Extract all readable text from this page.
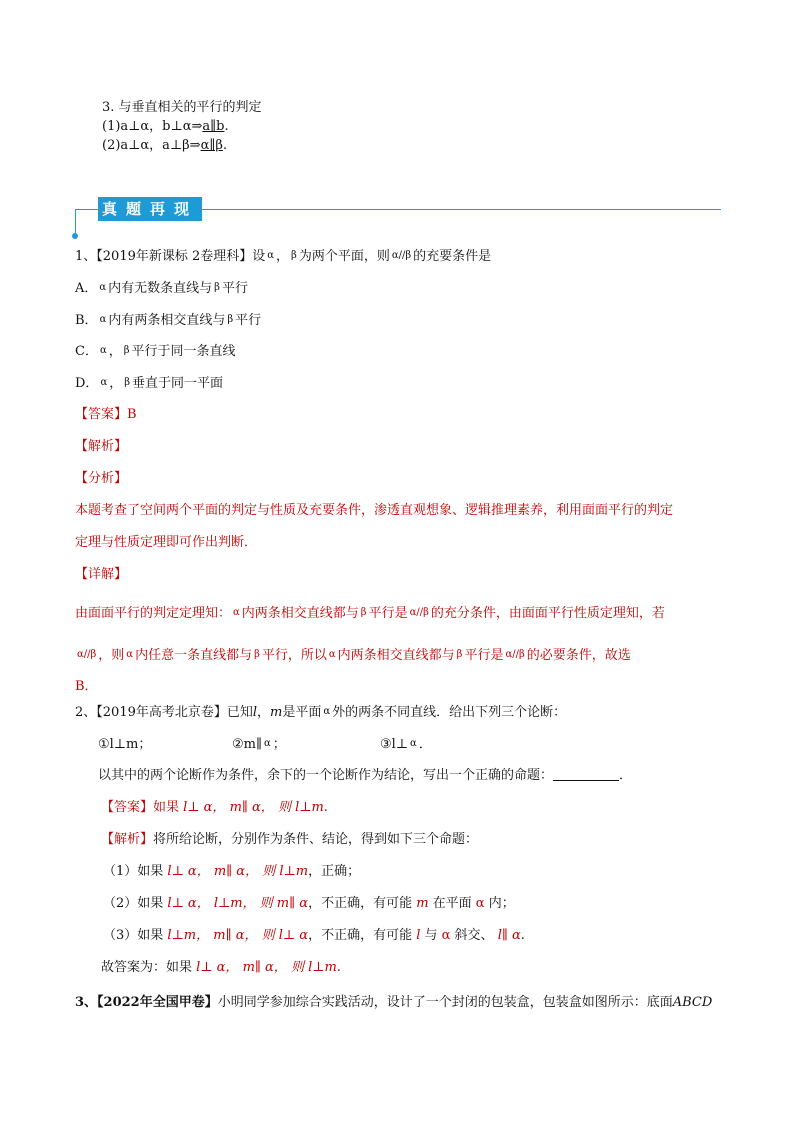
3. 与垂直相关的平行的判定
(1)a⊥α，b⊥α⇒a∥b.
(2)a⊥α，a⊥β⇒α∥β.
真题再现
1、【2019年新课标 2卷理科】设 α ， β 为两个平面，则 α//β 的充要条件是
A． α 内有无数条直线与 β 平行
B． α 内有两条相交直线与 β 平行
C． α ， β 平行于同一条直线
D． α ， β 垂直于同一平面
【答案】B
【解析】
【分析】
本题考查了空间两个平面的判定与性质及充要条件，渗透直观想象、逻辑推理素养，利用面面平行的判定
定理与性质定理即可作出判断．
【详解】
由面面平行的判定定理知： α 内两条相交直线都与 β 平行是 α//β 的充分条件，由面面平行性质定理知，若
α//β ，则 α 内任意一条直线都与 β 平行，所以 α 内两条相交直线都与 β 平行是 α//β 的必要条件，故选
B．
2、【2019年高考北京卷】已知l，m是平面 α 外的两条不同直线．给出下列三个论断：
①l⊥m；	②m∥ α ；	③l⊥ α ．
以其中的两个论断作为条件，余下的一个论断作为结论，写出一个正确的命题：	．
【答案】如果 l⊥ α， m∥ α， 则 l⊥m.
【解析】将所给论断，分别作为条件、结论，得到如下三个命题：
（1）如果 l⊥ α， m∥ α， 则 l⊥m，正确；
（2）如果 l⊥ α， l⊥m， 则 m∥ α，不正确，有可能 m 在平面 α 内；
（3）如果 l⊥m， m∥ α， 则 l⊥ α，不正确，有可能 l 与 α 斜交、 l∥ α.
故答案为：如果 l⊥ α， m∥ α， 则 l⊥m.
3、【2022年全国甲卷】小明同学参加综合实践活动，设计了一个封闭的包装盒，包装盒如图所示：底面ABCD
